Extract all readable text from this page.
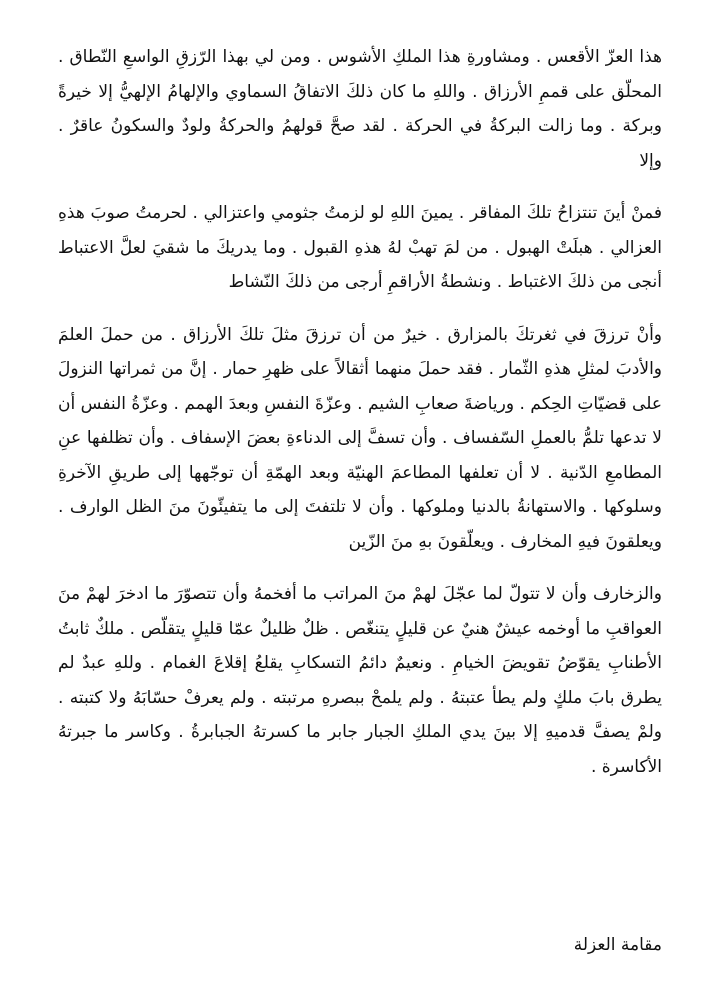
هذا العزّ الأقعس . ومشاورةِ هذا الملكِ الأشوس . ومن لي بهذا الرّزقِ الواسعِ النّطاق . المحلّق على قممِ الأرزاق . واللهِ ما كان ذلكَ الاتفاقُ السماوي والإلهامُ الإلهيُّ إلا خيرةً وبركة . وما زالت البركةُ في الحركة . لقد صحَّ قولهمُ والحركةُ ولودٌ والسكونُ عاقرٌ . وإلا

فمنْ أينَ تنتزاحُ تلكَ المفاقر . يمينَ اللهِ لو لزمتُ جثومي واعتزالي . لحرمتُ صوبَ هذهِ العزالي . هبلَتْ الهبول . من لمَ تهبْ لهُ هذهِ القبول . وما يدريكَ ما شقيَ لعلَّ الاعتباط أنجى من ذلكَ الاغتباط . ونشطةُ الأراقمِ أرجى من ذلكَ النّشاط

وأنْ ترزقَ في ثغرتكَ بالمزارق . خيرٌ من أن ترزقَ مثلَ تلكَ الأرزاق . من حملَ العلمَ والأدبَ لمثلِ هذهِ الثّمار . فقد حملَ منهما أثقالاً على ظهرِ حمار . إنَّ من ثمراتها النزولَ على قضيّاتِ الحِكم . ورياضةَ صعابِ الشيم . وعزّةَ النفسِ وبعدَ الهمم . وعزّةُ النفس أن لا تدعها تلمُّ بالعملِ السّفساف . وأن تسفَّ إلى الدناءةِ بعضَ الإسفاف . وأن تظلفها عنِ المطامعِ الدّنية . لا أن تعلفها المطاعمَ الهنيّة وبعد الهمّةِ أن توجّهها إلى طريقِ الآخرةِ وسلوكها . والاستهانةُ بالدنيا وملوكها . وأن لا تلتفتَ إلى ما يتفيئّونَ منَ الظل الوارف . ويعلقونَ فيهِ المخارف . ويعلّقونَ بهِ منَ الزّين

والزخارف وأن لا تتولّ لما عجّلَ لهمْ منَ المراتب ما أفخمهُ وأن تتصوّرَ ما ادخرَ لهمْ منَ العواقبِ ما أوخمه عيشٌ هنيٌ عن قليلٍ يتنغّص . ظلٌ ظليلٌ عمّا قليلٍ يتقلّص . ملكٌ ثابتُ الأطنابِ يقوّضُ تقويضَ الخيامِ . ونعيمٌ دائمُ التسكابِ يقلعُ إقلاعَ الغمام . وللهِ عبدٌ لم يطرق بابَ ملكٍ ولم يطأ عتبتهُ . ولم يلمحْ ببصرهِ مرتبته . ولم يعرفْ حسّابَهُ ولا كتبته . ولمْ يصفَّ قدميهِ إلا بينَ يدي الملكِ الجبار جابر ما كسرتهُ الجبابرةُ . وكاسر ما جبرتهُ الأكاسرة .

مقامة العزلة
